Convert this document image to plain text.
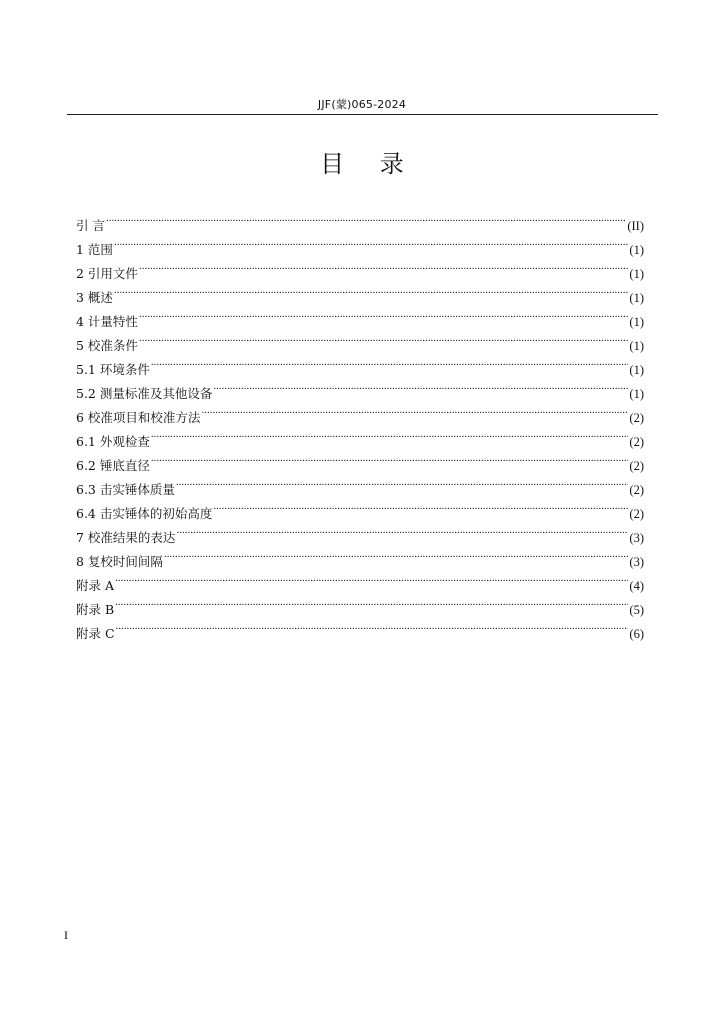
JJF(蒙)065-2024
目 录
引 言 .....	(II)
1 范围 .....	(1)
2 引用文件 .....	(1)
3 概述 .....	(1)
4 计量特性 .....	(1)
5 校准条件 .....	(1)
5.1 环境条件 .....	(1)
5.2 测量标准及其他设备 .....	(1)
6 校准项目和校准方法 .....	(2)
6.1 外观检查 .....	(2)
6.2 锤底直径 .....	(2)
6.3 击实锤体质量 .....	(2)
6.4 击实锤体的初始高度 .....	(2)
7 校准结果的表达 .....	(3)
8 复校时间间隔 .....	(3)
附录 A .....	(4)
附录 B .....	(5)
附录 C .....	(6)
I
